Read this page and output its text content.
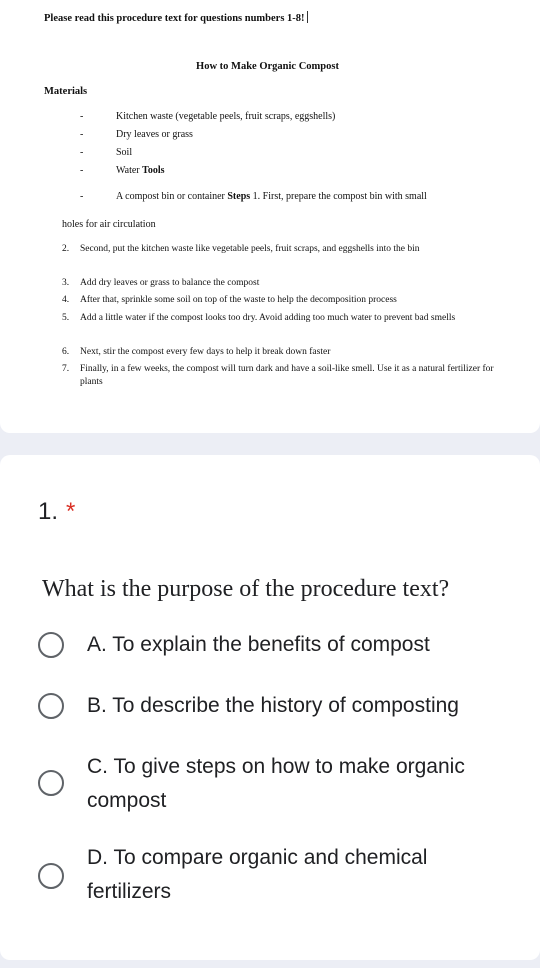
Please read this procedure text for questions numbers 1-8!
How to Make Organic Compost
Materials
-	Kitchen waste (vegetable peels, fruit scraps, eggshells)
-	Dry leaves or grass
-	Soil
-	Water Tools
-	A compost bin or container Steps 1. First, prepare the compost bin with small
holes for air circulation
2.	Second, put the kitchen waste like vegetable peels, fruit scraps, and eggshells into the bin
3.	Add dry leaves or grass to balance the compost
4.	After that, sprinkle some soil on top of the waste to help the decomposition process
5.	Add a little water if the compost looks too dry. Avoid adding too much water to prevent bad smells
6.	Next, stir the compost every few days to help it break down faster
7.	Finally, in a few weeks, the compost will turn dark and have a soil-like smell. Use it as a natural fertilizer for plants
1. *
What is the purpose of the procedure text?
A. To explain the benefits of compost
B. To describe the history of composting
C. To give steps on how to make organic compost
D. To compare organic and chemical fertilizers
